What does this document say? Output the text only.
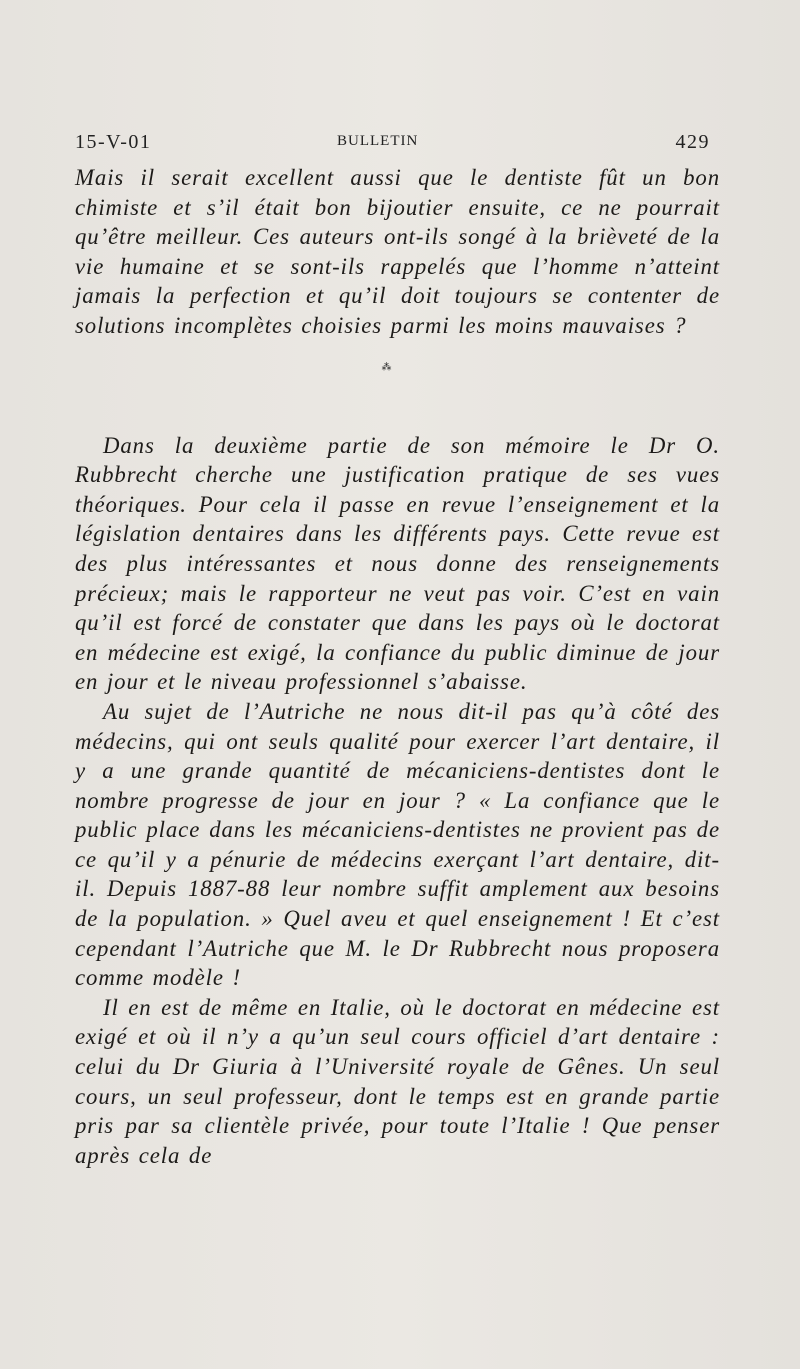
15-V-01	BULLETIN	429

Mais il serait excellent aussi que le dentiste fût un bon chimiste et s’il était bon bijoutier ensuite, ce ne pourrait qu’être meilleur. Ces auteurs ont-ils songé à la brièveté de la vie humaine et se sont-ils rappelés que l’homme n’atteint jamais la perfection et qu’il doit toujours se contenter de solutions incomplètes choisies parmi les moins mauvaises ?

⁂

Dans la deuxième partie de son mémoire le Dr O. Rubbrecht cherche une justification pratique de ses vues théoriques. Pour cela il passe en revue l’enseignement et la législation dentaires dans les différents pays. Cette revue est des plus intéressantes et nous donne des renseignements précieux; mais le rapporteur ne veut pas voir. C’est en vain qu’il est forcé de constater que dans les pays où le doctorat en médecine est exigé, la confiance du public diminue de jour en jour et le niveau professionnel s’abaisse.

Au sujet de l’Autriche ne nous dit-il pas qu’à côté des médecins, qui ont seuls qualité pour exercer l’art dentaire, il y a une grande quantité de mécaniciens-dentistes dont le nombre progresse de jour en jour ? « La confiance que le public place dans les mécaniciens-dentistes ne provient pas de ce qu’il y a pénurie de médecins exerçant l’art dentaire, dit-il. Depuis 1887-88 leur nombre suffit amplement aux besoins de la population. » Quel aveu et quel enseignement ! Et c’est cependant l’Autriche que M. le Dr Rubbrecht nous proposera comme modèle !

Il en est de même en Italie, où le doctorat en médecine est exigé et où il n’y a qu’un seul cours officiel d’art dentaire : celui du Dr Giuria à l’Université royale de Gênes. Un seul cours, un seul professeur, dont le temps est en grande partie pris par sa clientèle privée, pour toute l’Italie ! Que penser après cela de
